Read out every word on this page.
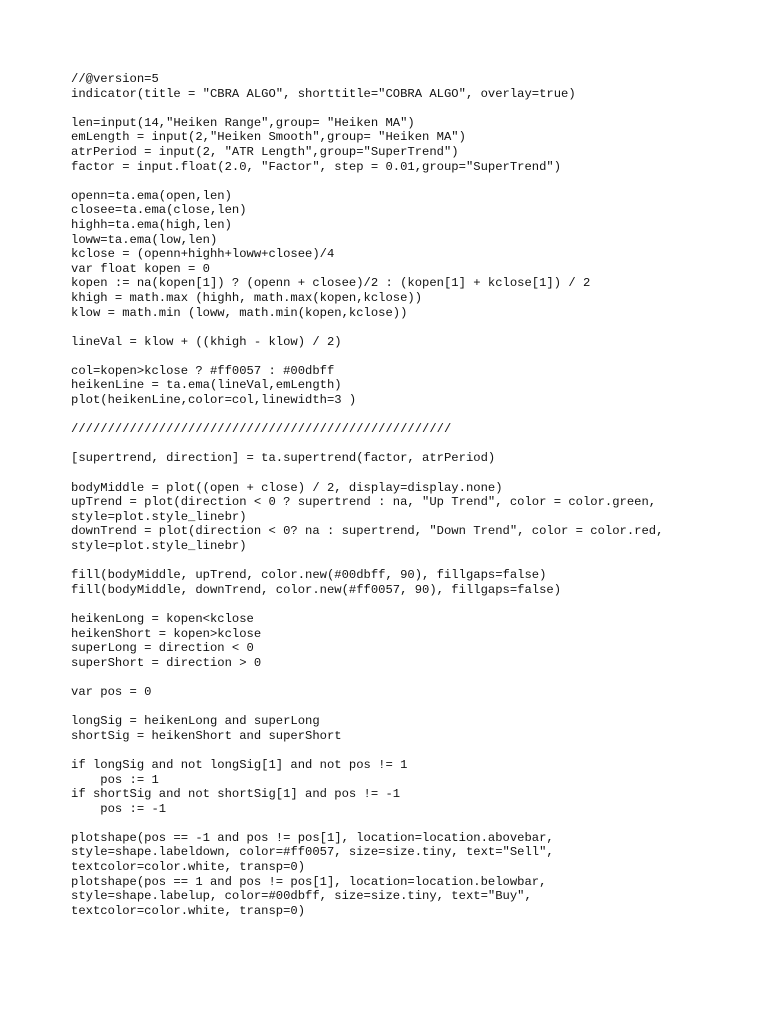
//@version=5
indicator(title = "CBRA ALGO", shorttitle="COBRA ALGO", overlay=true)
len=input(14,"Heiken Range",group= "Heiken MA")
emLength = input(2,"Heiken Smooth",group= "Heiken MA")
atrPeriod = input(2, "ATR Length",group="SuperTrend")
factor = input.float(2.0, "Factor", step = 0.01,group="SuperTrend")
openn=ta.ema(open,len)
closee=ta.ema(close,len)
highh=ta.ema(high,len)
loww=ta.ema(low,len)
kclose = (openn+highh+loww+closee)/4
var float kopen = 0
kopen := na(kopen[1]) ? (openn + closee)/2 : (kopen[1] + kclose[1]) / 2
khigh = math.max (highh, math.max(kopen,kclose))
klow = math.min (loww, math.min(kopen,kclose))
lineVal = klow + ((khigh - klow) / 2)
col=kopen>kclose ? #ff0057 : #00dbff
heikenLine = ta.ema(lineVal,emLength)
plot(heikenLine,color=col,linewidth=3 )
////////////////////////////////////////////////////
[supertrend, direction] = ta.supertrend(factor, atrPeriod)
bodyMiddle = plot((open + close) / 2, display=display.none)
upTrend = plot(direction < 0 ? supertrend : na, "Up Trend", color = color.green,
style=plot.style_linebr)
downTrend = plot(direction < 0? na : supertrend, "Down Trend", color = color.red,
style=plot.style_linebr)
fill(bodyMiddle, upTrend, color.new(#00dbff, 90), fillgaps=false)
fill(bodyMiddle, downTrend, color.new(#ff0057, 90), fillgaps=false)
heikenLong = kopen<kclose
heikenShort = kopen>kclose
superLong = direction < 0
superShort = direction > 0
var pos = 0
longSig = heikenLong and superLong
shortSig = heikenShort and superShort
if longSig and not longSig[1] and not pos != 1
pos := 1
if shortSig and not shortSig[1] and pos != -1
pos := -1
plotshape(pos == -1 and pos != pos[1], location=location.abovebar,
style=shape.labeldown, color=#ff0057, size=size.tiny, text="Sell",
textcolor=color.white, transp=0)
plotshape(pos == 1 and pos != pos[1], location=location.belowbar,
style=shape.labelup, color=#00dbff, size=size.tiny, text="Buy",
textcolor=color.white, transp=0)
